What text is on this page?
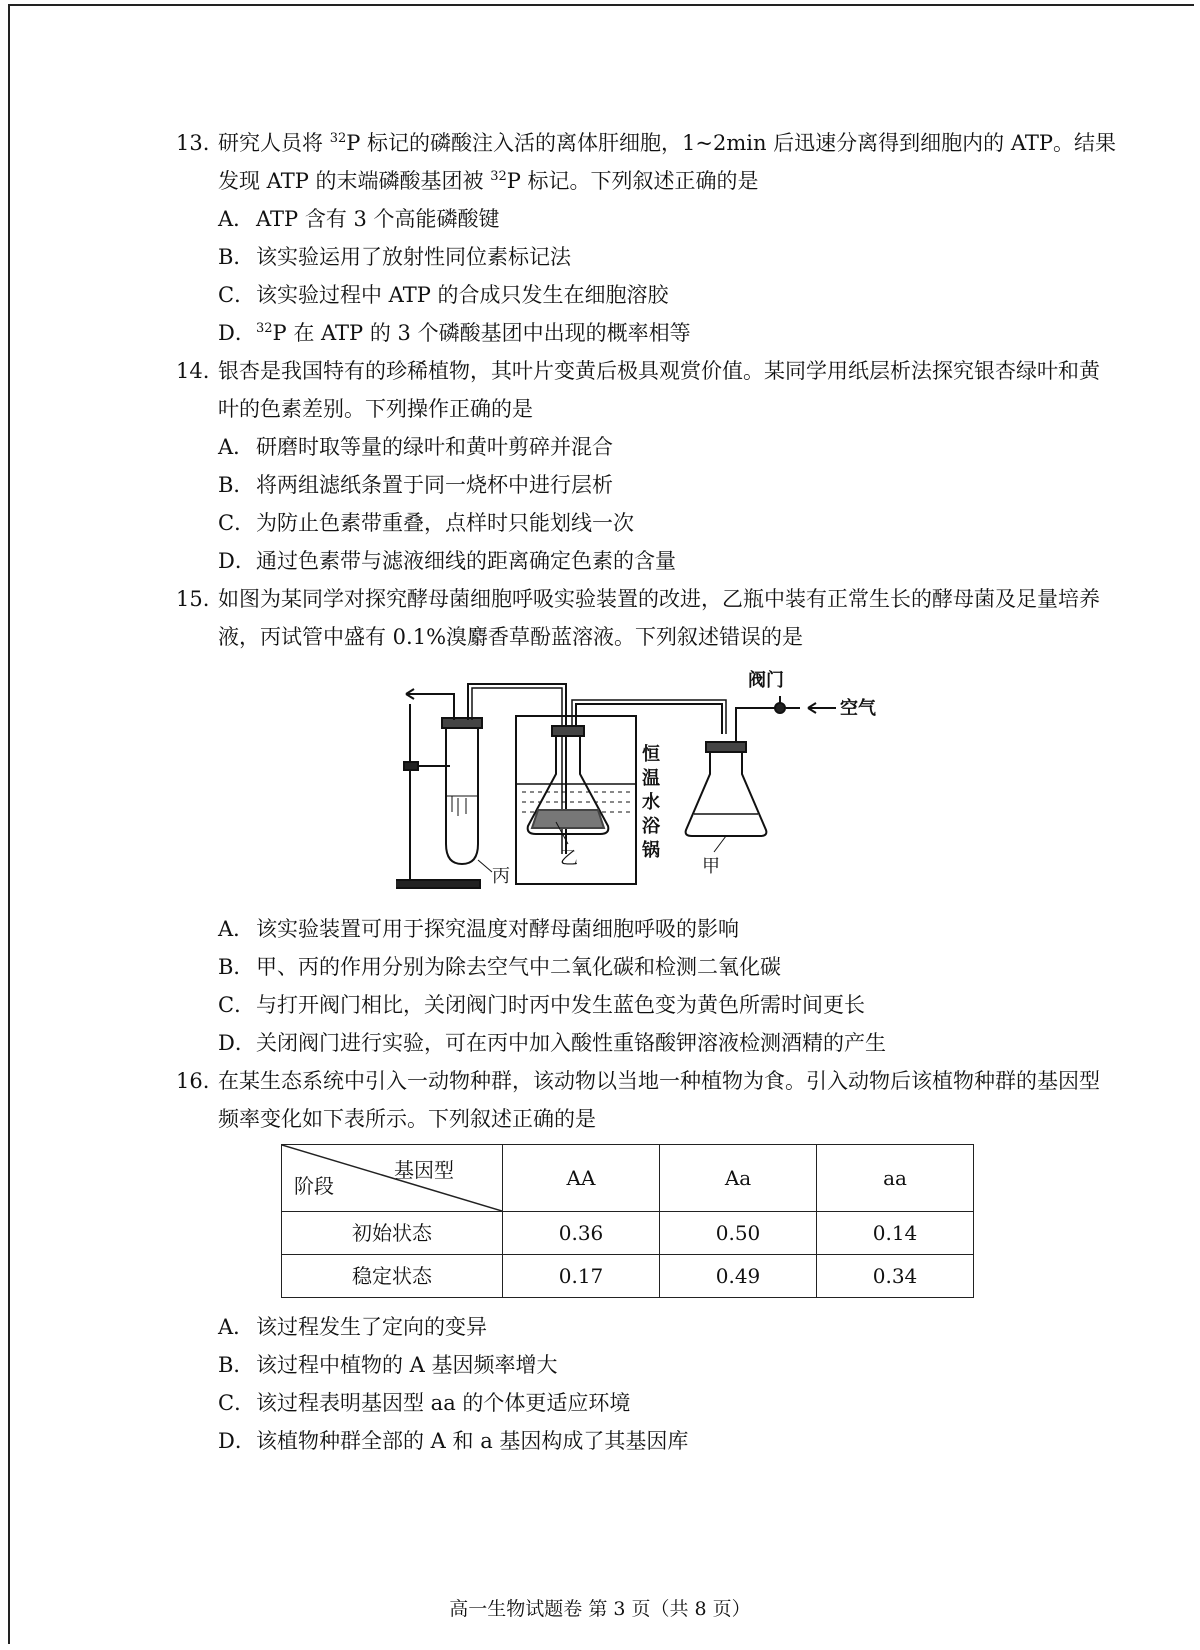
13. 研究人员将 $^{32}$P 标记的磷酸注入活的离体肝细胞，1~2min 后迅速分离得到细胞内的 ATP。结果发现 ATP 的末端磷酸基团被 $^{32}$P 标记。下列叙述正确的是

A．ATP 含有 3 个高能磷酸键

B．该实验运用了放射性同位素标记法

C．该实验过程中 ATP 的合成只发生在细胞溶胶

D．$^{32}$P 在 ATP 的 3 个磷酸基团中出现的概率相等

14. 银杏是我国特有的珍稀植物，其叶片变黄后极具观赏价值。某同学用纸层析法探究银杏绿叶和黄叶的色素差别。下列操作正确的是

A．研磨时取等量的绿叶和黄叶剪碎并混合

B．将两组滤纸条置于同一烧杯中进行层析

C．为防止色素带重叠，点样时只能划线一次

D．通过色素带与滤液细线的距离确定色素的含量

15. 如图为某同学对探究酵母菌细胞呼吸实验装置的改进，乙瓶中装有正常生长的酵母菌及足量培养液，丙试管中盛有 0.1%溴麝香草酚蓝溶液。下列叙述错误的是

丙
乙	甲
阀门
空气
恒
温
水
浴
锅

A．该实验装置可用于探究温度对酵母菌细胞呼吸的影响

B．甲、丙的作用分别为除去空气中二氧化碳和检测二氧化碳

C．与打开阀门相比，关闭阀门时丙中发生蓝色变为黄色所需时间更长

D．关闭阀门进行实验，可在丙中加入酸性重铬酸钾溶液检测酒精的产生

16. 在某生态系统中引入一动物种群，该动物以当地一种植物为食。引入动物后该植物种群的基因型频率变化如下表所示。下列叙述正确的是

基因型
阶段	AA	Aa	aa
初始状态	0.36	0.50	0.14
稳定状态	0.17	0.49	0.34

A．该过程发生了定向的变异

B．该过程中植物的 A 基因频率增大

C．该过程表明基因型 aa 的个体更适应环境

D．该植物种群全部的 A 和 a 基因构成了其基因库

高一生物试题卷 第 3 页（共 8 页）
